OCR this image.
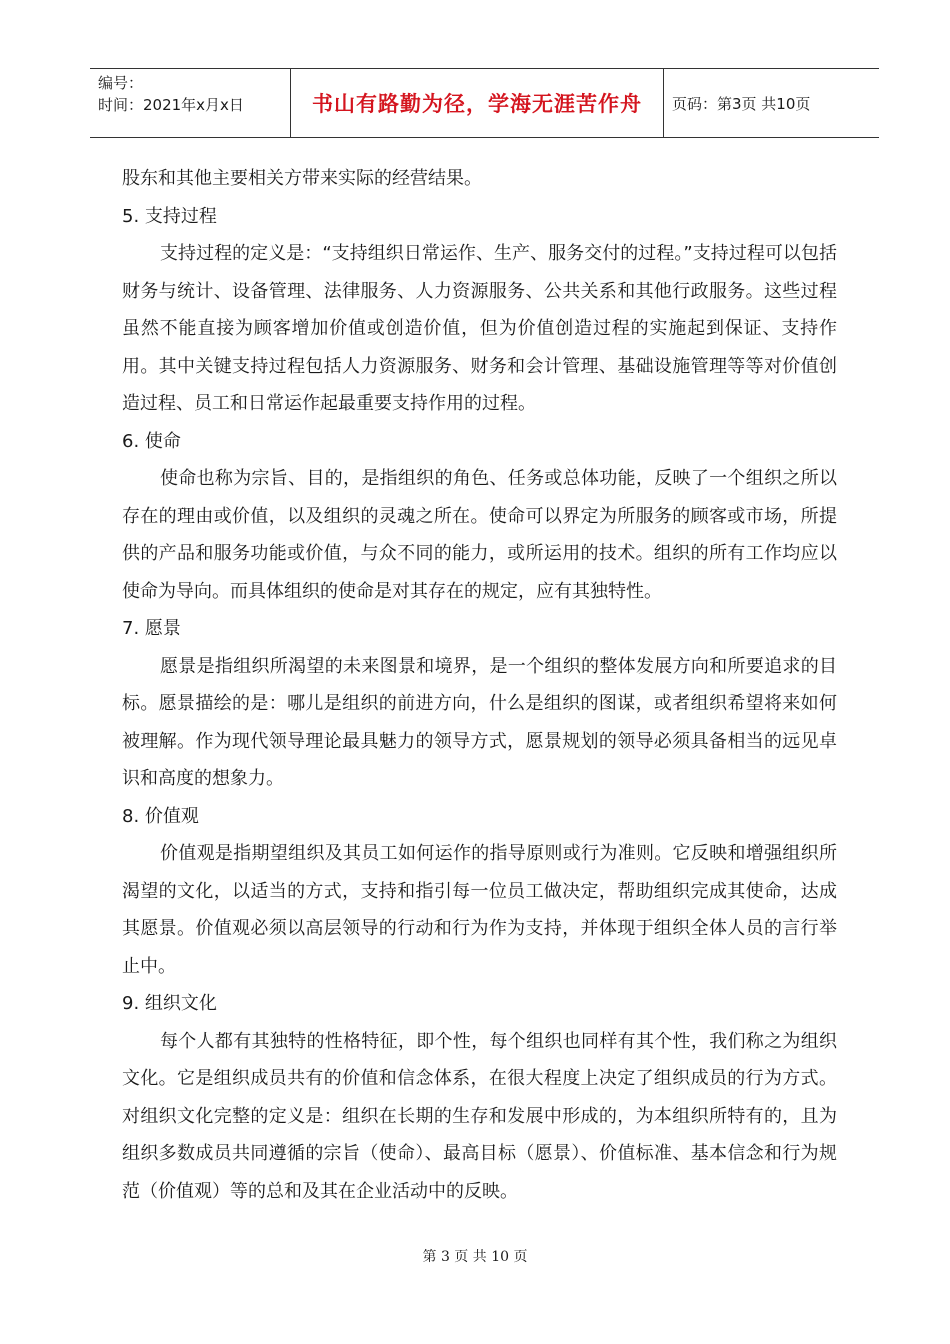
编号：
时间：2021年x月x日	书山有路勤为径，学海无涯苦作舟	页码：第3页 共10页

股东和其他主要相关方带来实际的经营结果。

5. 支持过程

支持过程的定义是：“支持组织日常运作、生产、服务交付的过程。”支持过程可以包括财务与统计、设备管理、法律服务、人力资源服务、公共关系和其他行政服务。这些过程虽然不能直接为顾客增加价值或创造价值，但为价值创造过程的实施起到保证、支持作用。其中关键支持过程包括人力资源服务、财务和会计管理、基础设施管理等等对价值创造过程、员工和日常运作起最重要支持作用的过程。

6. 使命

使命也称为宗旨、目的，是指组织的角色、任务或总体功能，反映了一个组织之所以存在的理由或价值，以及组织的灵魂之所在。使命可以界定为所服务的顾客或市场，所提供的产品和服务功能或价值，与众不同的能力，或所运用的技术。组织的所有工作均应以使命为导向。而具体组织的使命是对其存在的规定，应有其独特性。

7. 愿景

愿景是指组织所渴望的未来图景和境界，是一个组织的整体发展方向和所要追求的目标。愿景描绘的是：哪儿是组织的前进方向，什么是组织的图谋，或者组织希望将来如何被理解。作为现代领导理论最具魅力的领导方式，愿景规划的领导必须具备相当的远见卓识和高度的想象力。

8. 价值观

价值观是指期望组织及其员工如何运作的指导原则或行为准则。它反映和增强组织所渴望的文化，以适当的方式，支持和指引每一位员工做决定，帮助组织完成其使命，达成其愿景。价值观必须以高层领导的行动和行为作为支持，并体现于组织全体人员的言行举止中。

9. 组织文化

每个人都有其独特的性格特征，即个性，每个组织也同样有其个性，我们称之为组织文化。它是组织成员共有的价值和信念体系，在很大程度上决定了组织成员的行为方式。对组织文化完整的定义是：组织在长期的生存和发展中形成的，为本组织所特有的，且为组织多数成员共同遵循的宗旨（使命）、最高目标（愿景）、价值标准、基本信念和行为规范（价值观）等的总和及其在企业活动中的反映。

第 3 页 共 10 页
